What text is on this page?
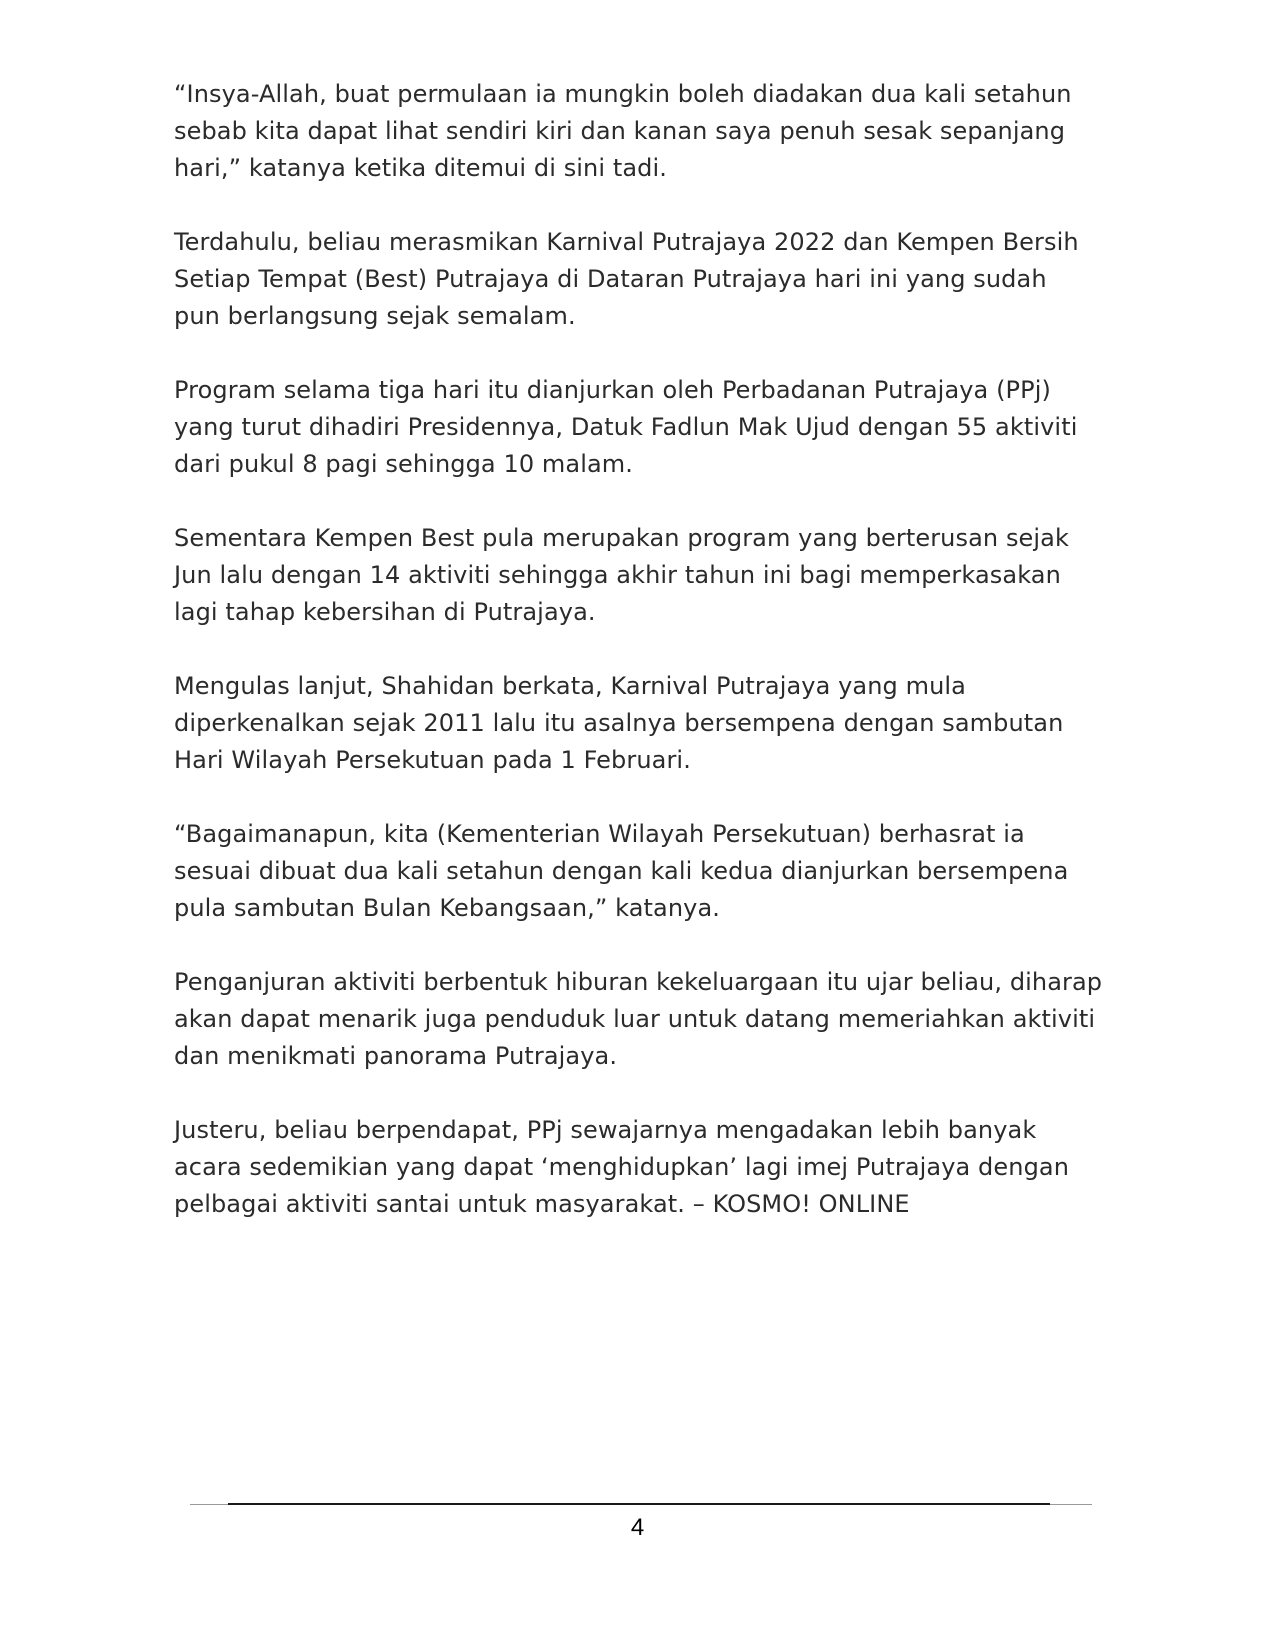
“Insya-Allah, buat permulaan ia mungkin boleh diadakan dua kali setahun
sebab kita dapat lihat sendiri kiri dan kanan saya penuh sesak sepanjang
hari,” katanya ketika ditemui di sini tadi.

Terdahulu, beliau merasmikan Karnival Putrajaya 2022 dan Kempen Bersih
Setiap Tempat (Best) Putrajaya di Dataran Putrajaya hari ini yang sudah
pun berlangsung sejak semalam.

Program selama tiga hari itu dianjurkan oleh Perbadanan Putrajaya (PPj)
yang turut dihadiri Presidennya, Datuk Fadlun Mak Ujud dengan 55 aktiviti
dari pukul 8 pagi sehingga 10 malam.

Sementara Kempen Best pula merupakan program yang berterusan sejak
Jun lalu dengan 14 aktiviti sehingga akhir tahun ini bagi memperkasakan
lagi tahap kebersihan di Putrajaya.

Mengulas lanjut, Shahidan berkata, Karnival Putrajaya yang mula
diperkenalkan sejak 2011 lalu itu asalnya bersempena dengan sambutan
Hari Wilayah Persekutuan pada 1 Februari.

“Bagaimanapun, kita (Kementerian Wilayah Persekutuan) berhasrat ia
sesuai dibuat dua kali setahun dengan kali kedua dianjurkan bersempena
pula sambutan Bulan Kebangsaan,” katanya.

Penganjuran aktiviti berbentuk hiburan kekeluargaan itu ujar beliau, diharap
akan dapat menarik juga penduduk luar untuk datang memeriahkan aktiviti
dan menikmati panorama Putrajaya.

Justeru, beliau berpendapat, PPj sewajarnya mengadakan lebih banyak
acara sedemikian yang dapat ‘menghidupkan’ lagi imej Putrajaya dengan
pelbagai aktiviti santai untuk masyarakat. – KOSMO! ONLINE

4
